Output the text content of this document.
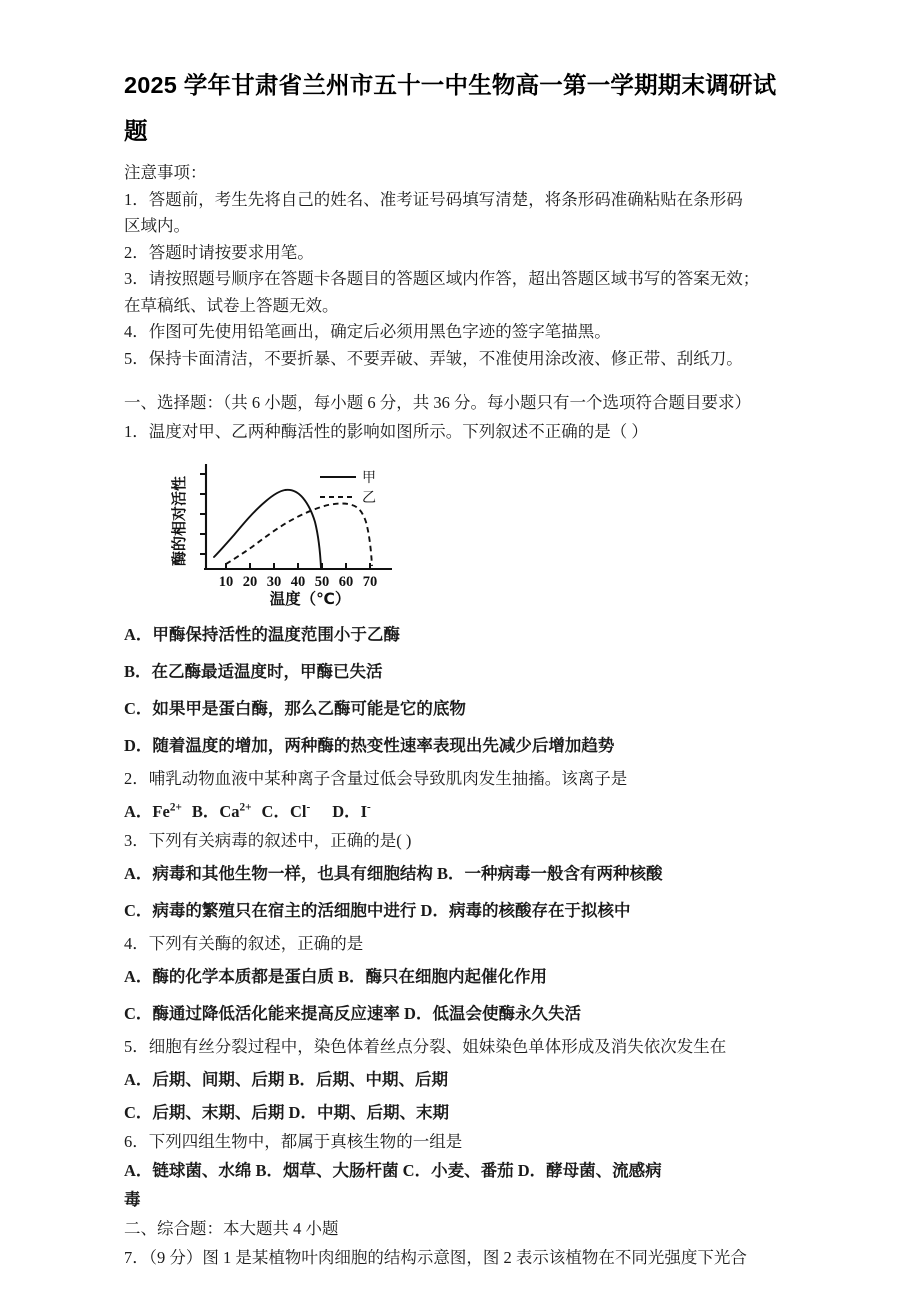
2025 学年甘肃省兰州市五十一中生物高一第一学期期末调研试题

注意事项：

1．答题前，考生先将自己的姓名、准考证号码填写清楚，将条形码准确粘贴在条形码

区域内。

2．答题时请按要求用笔。

3．请按照题号顺序在答题卡各题目的答题区域内作答，超出答题区域书写的答案无效；

在草稿纸、试卷上答题无效。

4．作图可先使用铅笔画出，确定后必须用黑色字迹的签字笔描黑。

5．保持卡面清洁，不要折暴、不要弄破、弄皱，不准使用涂改液、修正带、刮纸刀。

一、选择题：（共 6 小题，每小题 6 分，共 36 分。每小题只有一个选项符合题目要求）

1．温度对甲、乙两种酶活性的影响如图所示。下列叙述不正确的是（ ）

甲
乙
10 20 30 40 50 60 70
温度（℃）
酶的相对活性

A．甲酶保持活性的温度范围小于乙酶

B．在乙酶最适温度时，甲酶已失活

C．如果甲是蛋白酶，那么乙酶可能是它的底物

D．随着温度的增加，两种酶的热变性速率表现出先减少后增加趋势

2．哺乳动物血液中某种离子含量过低会导致肌肉发生抽搐。该离子是

A．$Fe^{2+}$ B．$Ca^{2+}$ C．Cl- D．I-

3．下列有关病毒的叙述中，正确的是( )

A．病毒和其他生物一样，也具有细胞结构 B．一种病毒一般含有两种核酸

C．病毒的繁殖只在宿主的活细胞中进行 D．病毒的核酸存在于拟核中

4．下列有关酶的叙述，正确的是

A．酶的化学本质都是蛋白质 B．酶只在细胞内起催化作用

C．酶通过降低活化能来提高反应速率 D．低温会使酶永久失活

5．细胞有丝分裂过程中，染色体着丝点分裂、姐妹染色单体形成及消失依次发生在

A．后期、间期、后期 B．后期、中期、后期

C．后期、末期、后期 D．中期、后期、末期

6．下列四组生物中，都属于真核生物的一组是

A．链球菌、水绵 B．烟草、大肠杆菌 C．小麦、番茄 D．酵母菌、流感病

毒

二、综合题：本大题共 4 小题

7．（9 分）图 1 是某植物叶肉细胞的结构示意图，图 2 表示该植物在不同光强度下光合
